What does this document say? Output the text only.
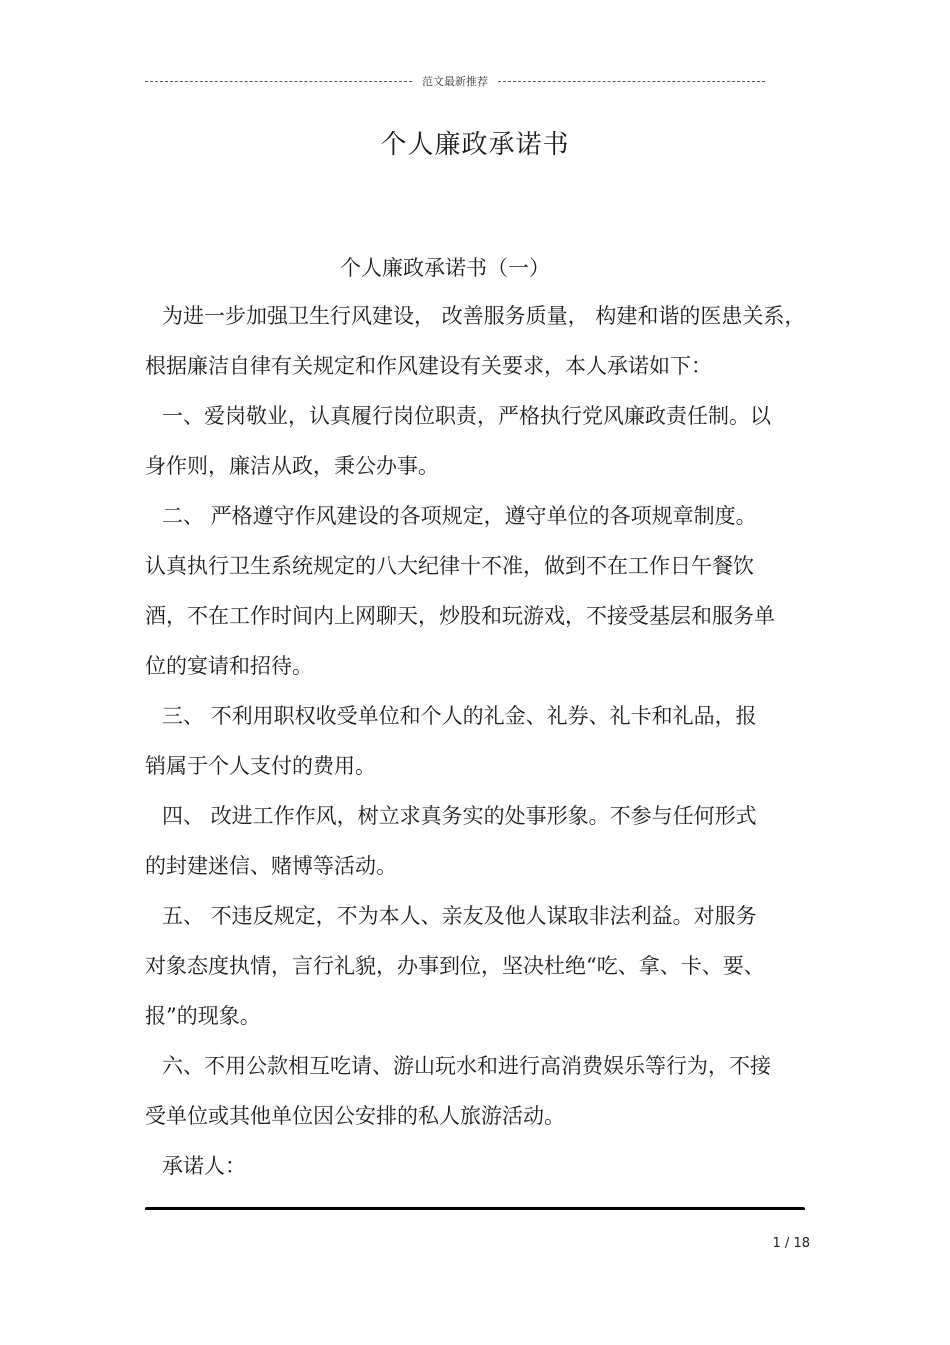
范文最新推荐
个人廉政承诺书
个人廉政承诺书（一）
为进一步加强卫生行风建设， 改善服务质量， 构建和谐的医患关系，
根据廉洁自律有关规定和作风建设有关要求，本人承诺如下：
一、爱岗敬业，认真履行岗位职责，严格执行党风廉政责任制。以
身作则，廉洁从政，秉公办事。
二、 严格遵守作风建设的各项规定，遵守单位的各项规章制度。
认真执行卫生系统规定的八大纪律十不准，做到不在工作日午餐饮
酒，不在工作时间内上网聊天，炒股和玩游戏，不接受基层和服务单
位的宴请和招待。
三、 不利用职权收受单位和个人的礼金、礼券、礼卡和礼品，报
销属于个人支付的费用。
四、 改进工作作风，树立求真务实的处事形象。不参与任何形式
的封建迷信、赌博等活动。
五、 不违反规定，不为本人、亲友及他人谋取非法利益。对服务
对象态度执情，言行礼貌，办事到位，坚决杜绝“吃、拿、卡、要、
报”的现象。
六、不用公款相互吃请、游山玩水和进行高消费娱乐等行为，不接
受单位或其他单位因公安排的私人旅游活动。
承诺人：
1 / 18
